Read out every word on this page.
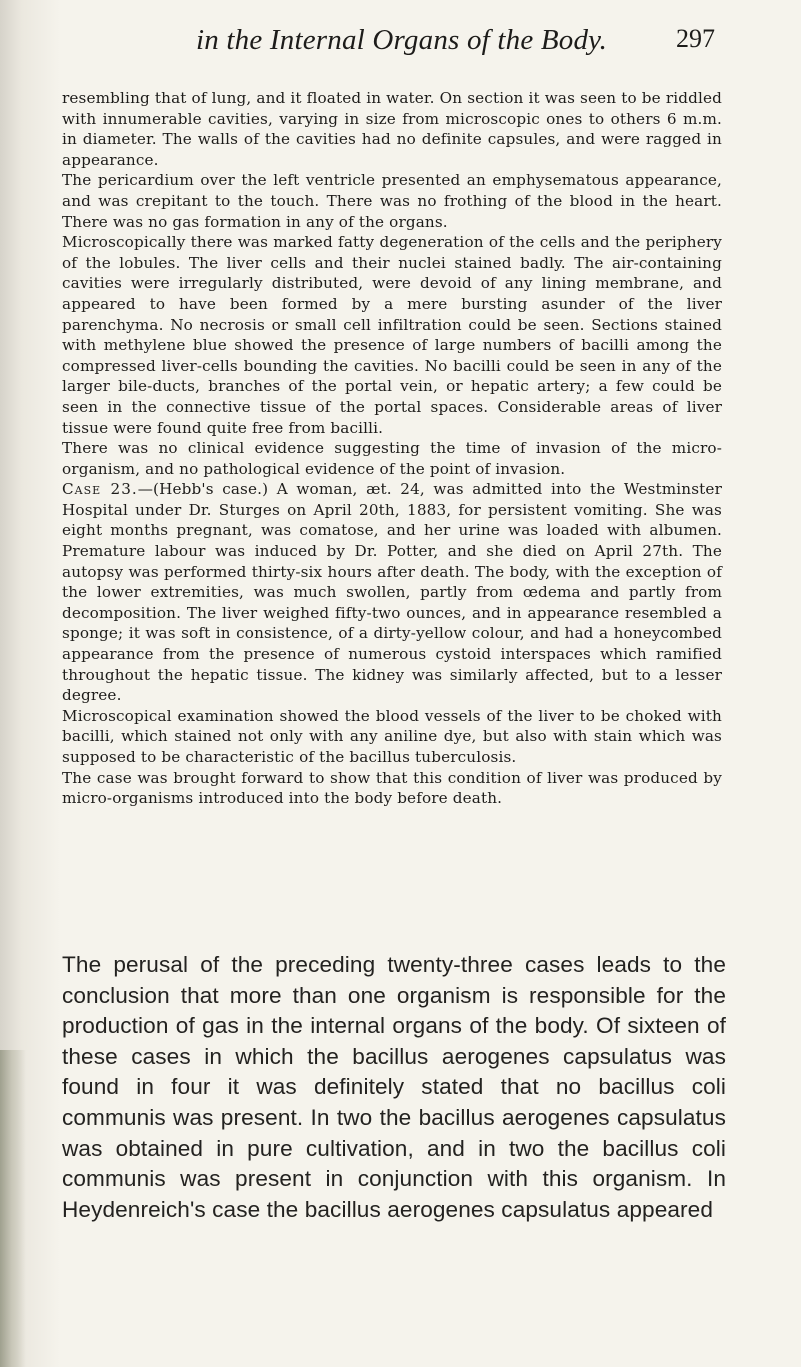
in the Internal Organs of the Body.	297

resembling that of lung, and it floated in water. On section it was seen to be riddled with innumerable cavities, varying in size from microscopic ones to others 6 m.m. in diameter. The walls of the cavities had no definite capsules, and were ragged in appearance.

The pericardium over the left ventricle presented an emphysematous appearance, and was crepitant to the touch. There was no frothing of the blood in the heart. There was no gas formation in any of the organs.

Microscopically there was marked fatty degeneration of the cells and the periphery of the lobules. The liver cells and their nuclei stained badly. The air-containing cavities were irregularly distributed, were devoid of any lining membrane, and appeared to have been formed by a mere bursting asunder of the liver parenchyma. No necrosis or small cell infiltration could be seen. Sections stained with methylene blue showed the presence of large numbers of bacilli among the compressed liver-cells bounding the cavities. No bacilli could be seen in any of the larger bile-ducts, branches of the portal vein, or hepatic artery; a few could be seen in the connective tissue of the portal spaces. Considerable areas of liver tissue were found quite free from bacilli.

There was no clinical evidence suggesting the time of invasion of the micro-organism, and no pathological evidence of the point of invasion.

Case 23.—(Hebb's case.) A woman, æt. 24, was admitted into the Westminster Hospital under Dr. Sturges on April 20th, 1883, for persistent vomiting. She was eight months pregnant, was comatose, and her urine was loaded with albumen. Premature labour was induced by Dr. Potter, and she died on April 27th. The autopsy was performed thirty-six hours after death. The body, with the exception of the lower extremities, was much swollen, partly from œdema and partly from decomposition. The liver weighed fifty-two ounces, and in appearance resembled a sponge; it was soft in consistence, of a dirty-yellow colour, and had a honeycombed appearance from the presence of numerous cystoid interspaces which ramified throughout the hepatic tissue. The kidney was similarly affected, but to a lesser degree.

Microscopical examination showed the blood vessels of the liver to be choked with bacilli, which stained not only with any aniline dye, but also with stain which was supposed to be characteristic of the bacillus tuberculosis.

The case was brought forward to show that this condition of liver was produced by micro-organisms introduced into the body before death.

The perusal of the preceding twenty-three cases leads to the conclusion that more than one organism is responsible for the production of gas in the internal organs of the body. Of sixteen of these cases in which the bacillus aerogenes capsulatus was found in four it was definitely stated that no bacillus coli communis was present. In two the bacillus aerogenes capsulatus was obtained in pure cultivation, and in two the bacillus coli communis was present in conjunction with this organism. In Heydenreich's case the bacillus aerogenes capsulatus appeared
